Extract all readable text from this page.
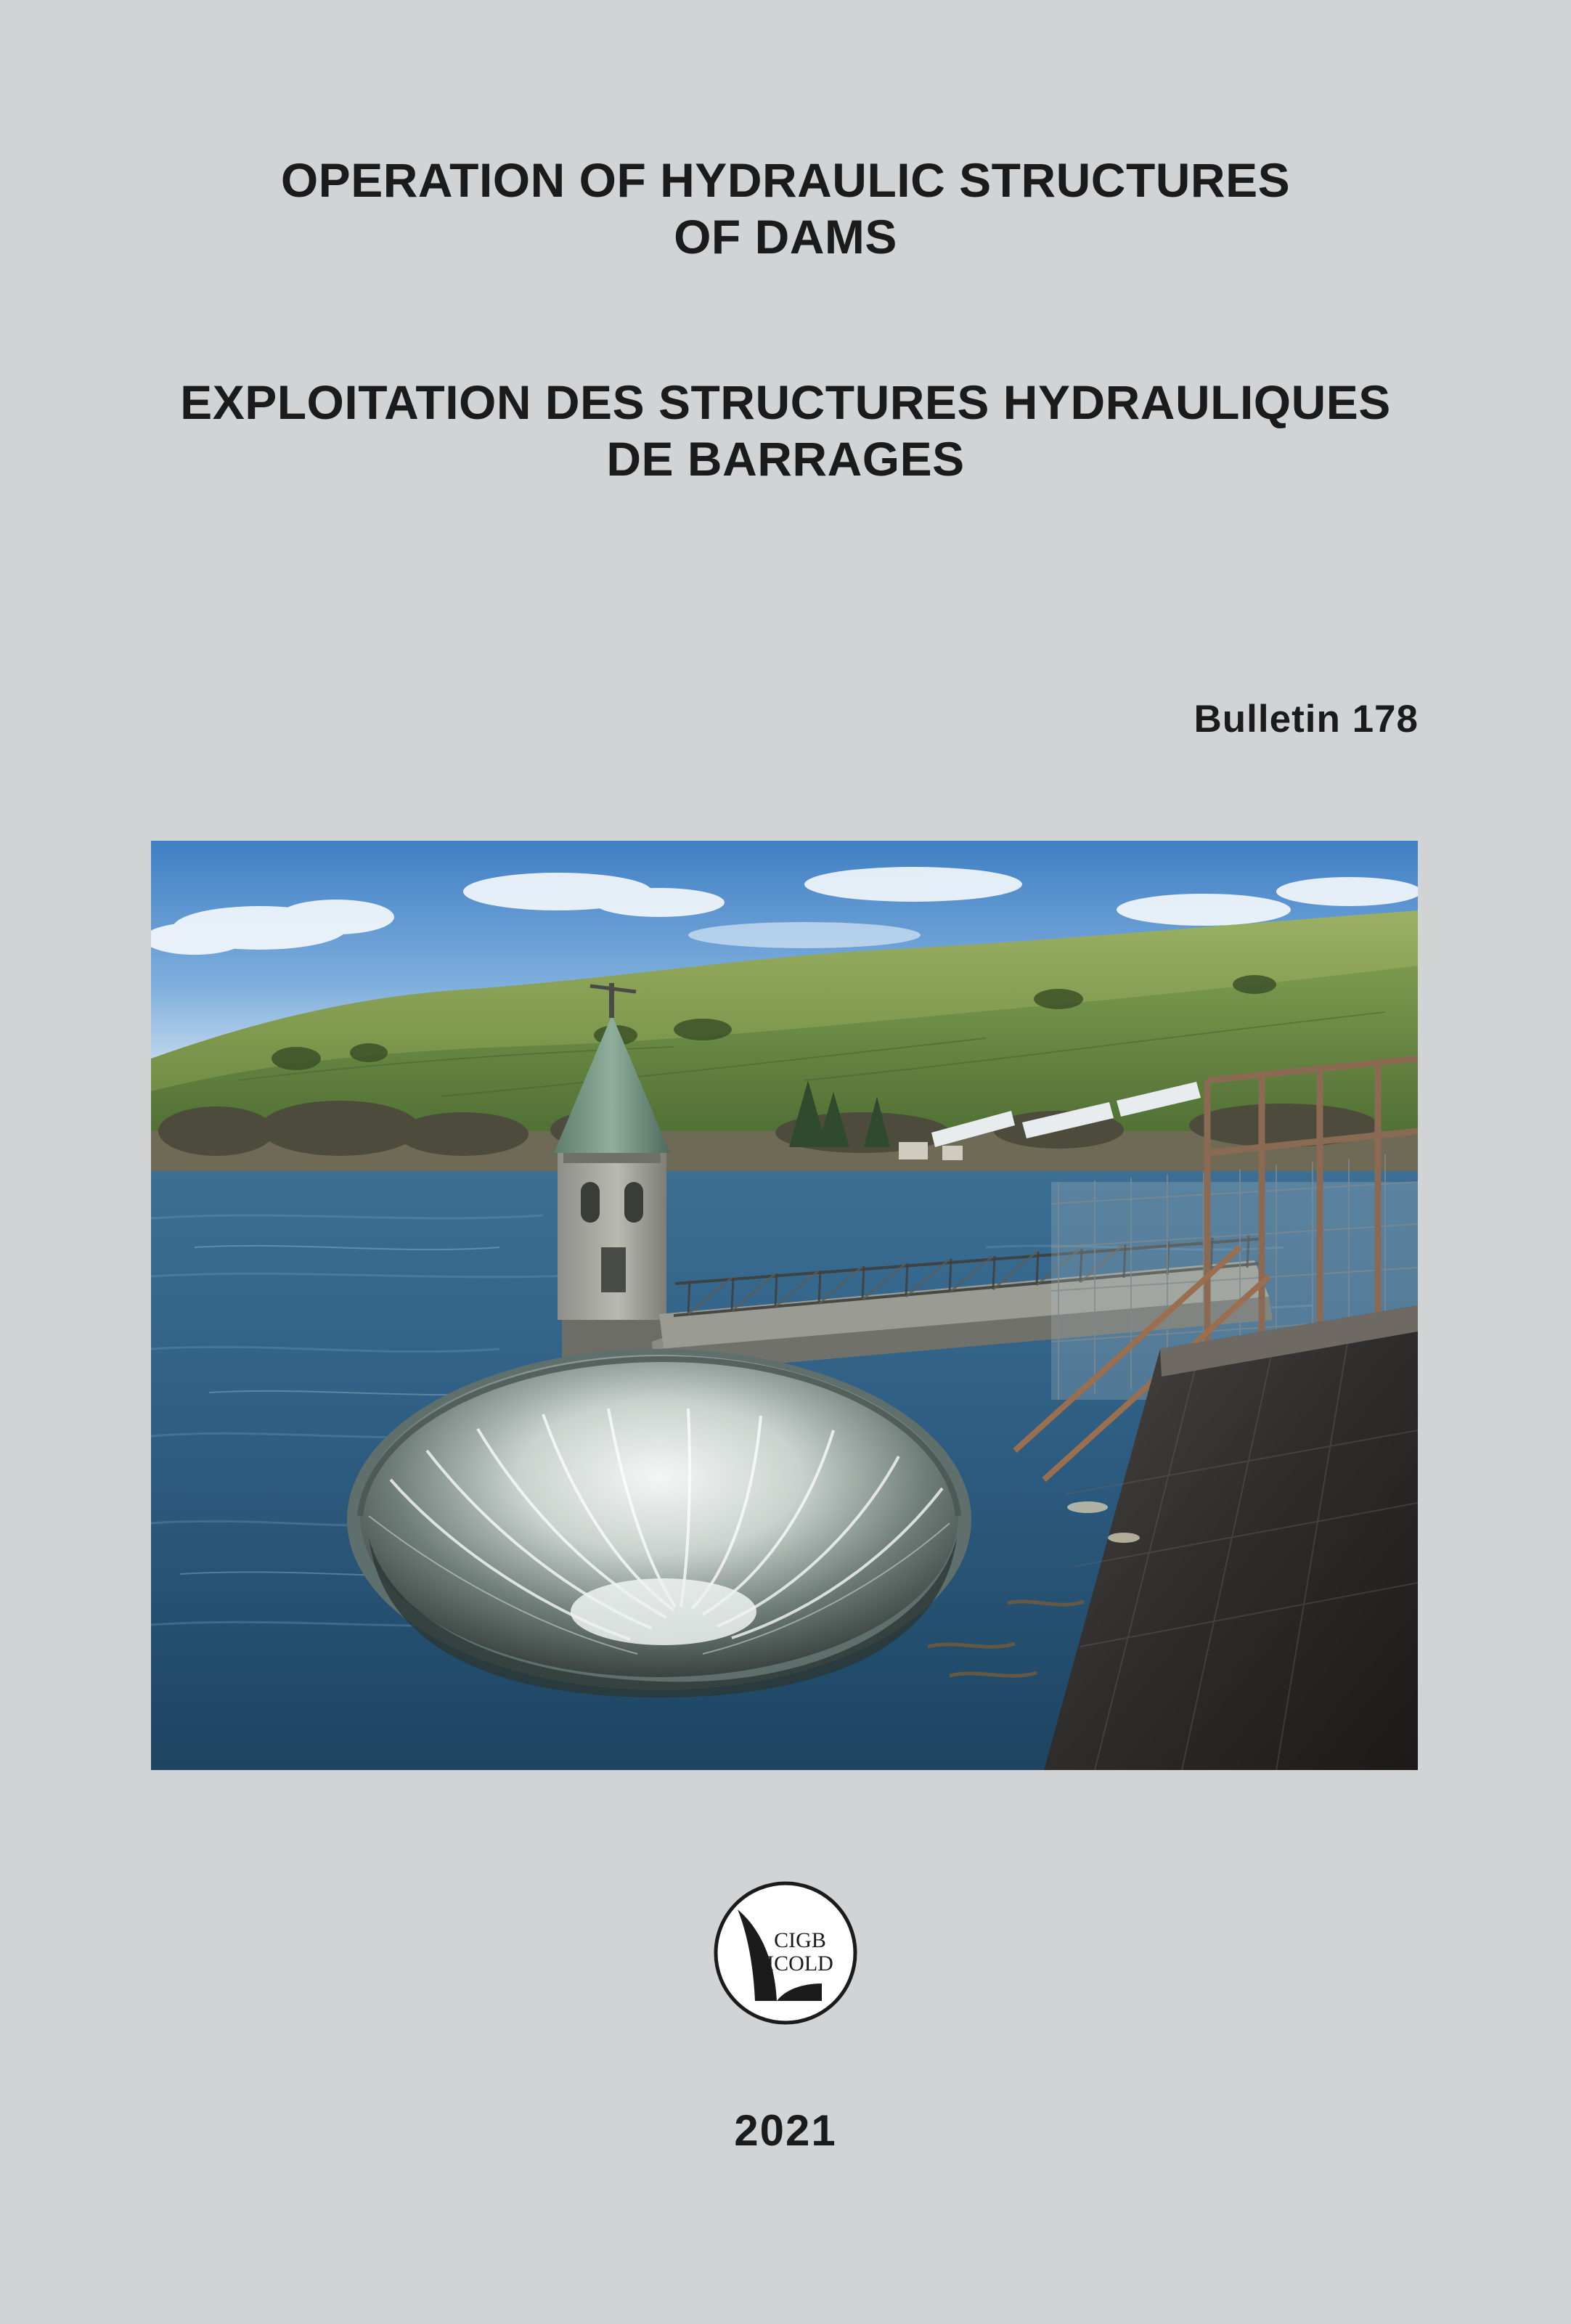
OPERATION OF HYDRAULIC STRUCTURES OF DAMS
EXPLOITATION DES STRUCTURES HYDRAULIQUES DE BARRAGES
Bulletin 178
CIGB
ICOLD
2021
